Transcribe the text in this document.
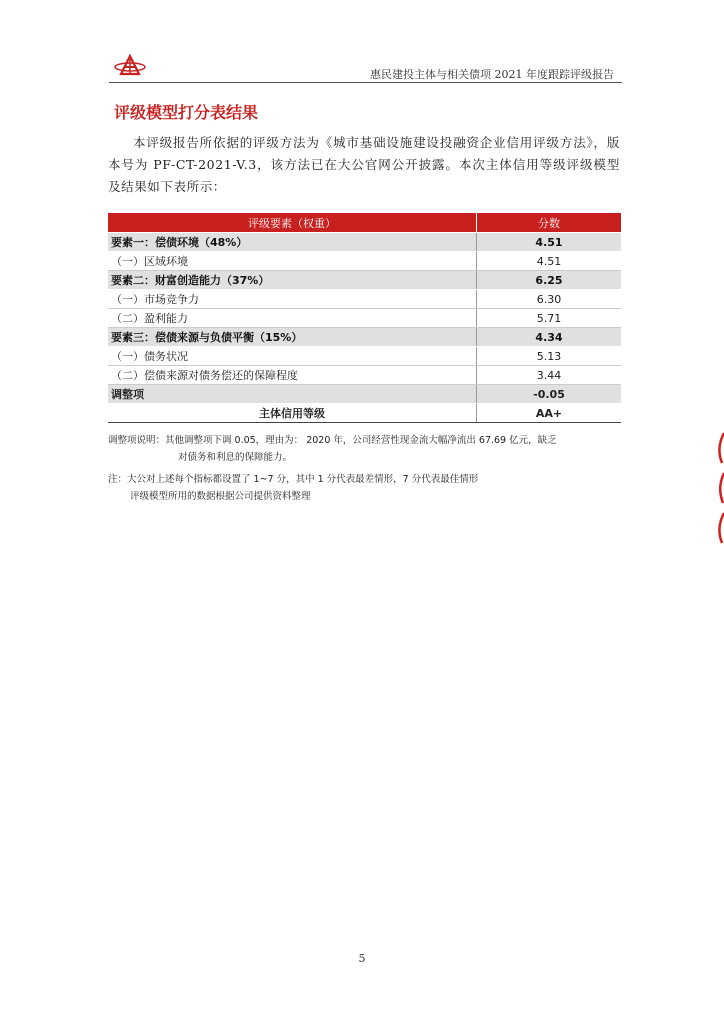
惠民建投主体与相关债项 2021 年度跟踪评级报告
评级模型打分表结果
本评级报告所依据的评级方法为《城市基础设施建设投融资企业信用评级方法》，版本号为 PF-CT-2021-V.3，该方法已在大公官网公开披露。本次主体信用等级评级模型及结果如下表所示：
评级要素（权重）	分数
要素一：偿债环境（48%）	4.51
（一）区域环境	4.51
要素二：财富创造能力（37%）	6.25
（一）市场竞争力	6.30
（二）盈利能力	5.71
要素三：偿债来源与负债平衡（15%）	4.34
（一）债务状况	5.13
（二）偿债来源对债务偿还的保障程度	3.44
调整项	-0.05
主体信用等级	AA+
调整项说明：其他调整项下调 0.05，理由为： 2020 年，公司经营性现金流大幅净流出 67.69 亿元，缺乏
对债务和利息的保障能力。
注：大公对上述每个指标都设置了 1~7 分，其中 1 分代表最差情形，7 分代表最佳情形
评级模型所用的数据根据公司提供资料整理
5
